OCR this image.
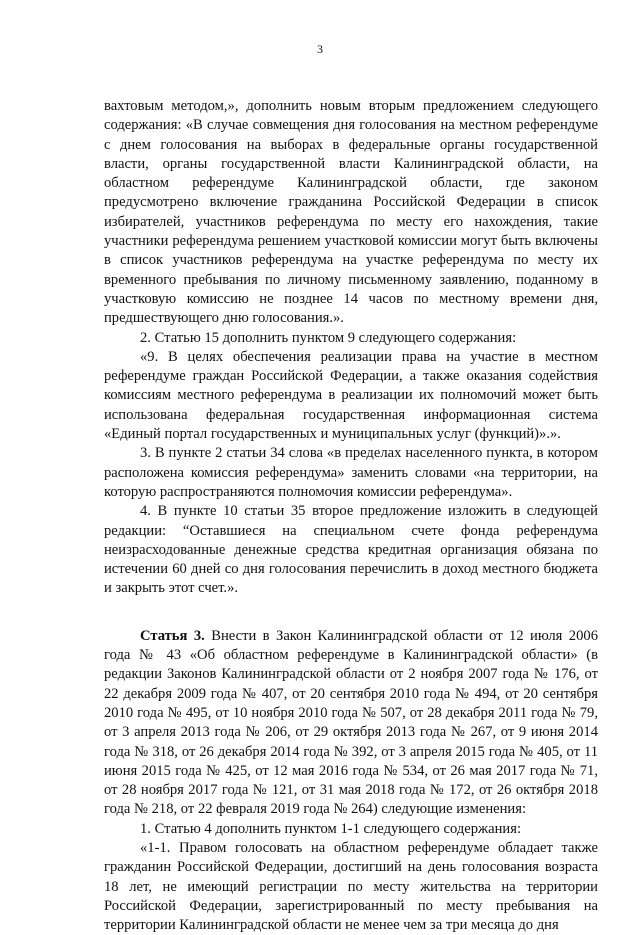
3

вахтовым методом,», дополнить новым вторым предложением следующего содержания: «В случае совмещения дня голосования на местном референдуме с днем голосования на выборах в федеральные органы государственной власти, органы государственной власти Калининградской области, на областном референдуме Калининградской области, где законом предусмотрено включение гражданина Российской Федерации в список избирателей, участников референдума по месту его нахождения, такие участники референдума решением участковой комиссии могут быть включены в список участников референдума на участке референдума по месту их временного пребывания по личному письменному заявлению, поданному в участковую комиссию не позднее 14 часов по местному времени дня, предшествующего дню голосования.».

2. Статью 15 дополнить пунктом 9 следующего содержания:

«9. В целях обеспечения реализации права на участие в местном референдуме граждан Российской Федерации, а также оказания содействия комиссиям местного референдума в реализации их полномочий может быть использована федеральная государственная информационная система «Единый портал государственных и муниципальных услуг (функций)».».

3. В пункте 2 статьи 34 слова «в пределах населенного пункта, в котором расположена комиссия референдума» заменить словами «на территории, на которую распространяются полномочия комиссии референдума».

4. В пункте 10 статьи 35 второе предложение изложить в следующей редакции: “Оставшиеся на специальном счете фонда референдума неизрасходованные денежные средства кредитная организация обязана по истечении 60 дней со дня голосования перечислить в доход местного бюджета и закрыть этот счет.».

Статья 3. Внести в Закон Калининградской области от 12 июля 2006 года № 43 «Об областном референдуме в Калининградской области» (в редакции Законов Калининградской области от 2 ноября 2007 года № 176, от 22 декабря 2009 года № 407, от 20 сентября 2010 года № 494, от 20 сентября 2010 года № 495, от 10 ноября 2010 года № 507, от 28 декабря 2011 года № 79, от 3 апреля 2013 года № 206, от 29 октября 2013 года № 267, от 9 июня 2014 года № 318, от 26 декабря 2014 года № 392, от 3 апреля 2015 года № 405, от 11 июня 2015 года № 425, от 12 мая 2016 года № 534, от 26 мая 2017 года № 71, от 28 ноября 2017 года № 121, от 31 мая 2018 года № 172, от 26 октября 2018 года № 218, от 22 февраля 2019 года № 264) следующие изменения:

1. Статью 4 дополнить пунктом 1-1 следующего содержания:

«1-1. Правом голосовать на областном референдуме обладает также гражданин Российской Федерации, достигший на день голосования возраста 18 лет, не имеющий регистрации по месту жительства на территории Российской Федерации, зарегистрированный по месту пребывания на территории Калининградской области не менее чем за три месяца до дня
